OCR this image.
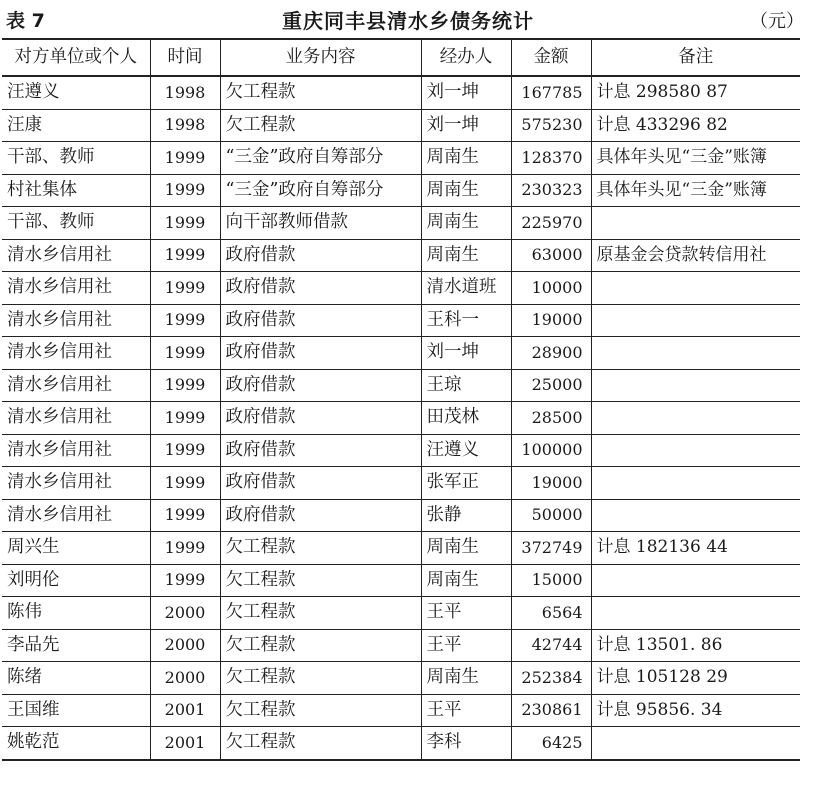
表 7	重庆同丰县清水乡债务统计	（元）
对方单位或个人	时间	业务内容	经办人	金额	备注
汪遵义	1998	欠工程款	刘一坤	167785	计息 298580 87
汪康	1998	欠工程款	刘一坤	575230	计息 433296 82
干部、教师	1999	“三金”政府自筹部分	周南生	128370	具体年头见“三金”账簿
村社集体	1999	“三金”政府自筹部分	周南生	230323	具体年头见“三金”账簿
干部、教师	1999	向干部教师借款	周南生	225970	
清水乡信用社	1999	政府借款	周南生	63000	原基金会贷款转信用社
清水乡信用社	1999	政府借款	清水道班	10000	
清水乡信用社	1999	政府借款	王科一	19000	
清水乡信用社	1999	政府借款	刘一坤	28900	
清水乡信用社	1999	政府借款	王琼	25000	
清水乡信用社	1999	政府借款	田茂林	28500	
清水乡信用社	1999	政府借款	汪遵义	100000	
清水乡信用社	1999	政府借款	张军正	19000	
清水乡信用社	1999	政府借款	张静	50000	
周兴生	1999	欠工程款	周南生	372749	计息 182136 44
刘明伦	1999	欠工程款	周南生	15000	
陈伟	2000	欠工程款	王平	6564	
李品先	2000	欠工程款	王平	42744	计息 13501. 86
陈绪	2000	欠工程款	周南生	252384	计息 105128 29
王国维	2001	欠工程款	王平	230861	计息 95856. 34
姚乾范	2001	欠工程款	李科	6425	
